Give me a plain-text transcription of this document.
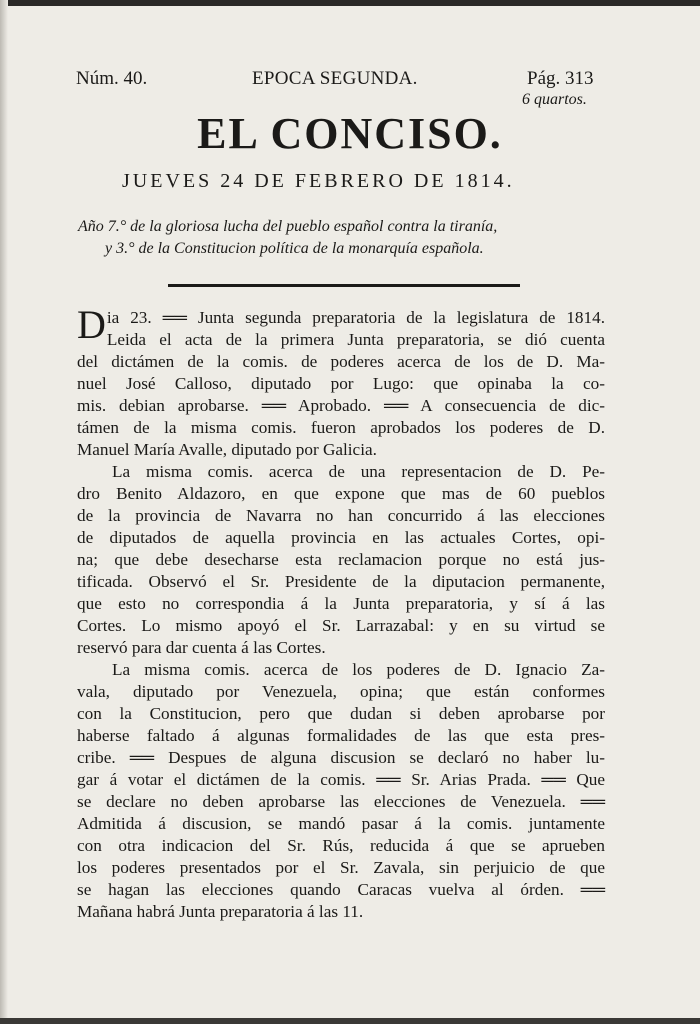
Núm. 40.	EPOCA SEGUNDA.	Pág. 313
6 quartos.
EL CONCISO.
JUEVES 24 DE FEBRERO DE 1814.
Año 7.° de la gloriosa lucha del pueblo español contra la tiranía,
y 3.° de la Constitucion política de la monarquía española.
Dia 23. ══ Junta segunda preparatoria de la legislatura de 1814.
Leida el acta de la primera Junta preparatoria, se dió cuenta
del dictámen de la comis. de poderes acerca de los de D. Ma-
nuel José Calloso, diputado por Lugo: que opinaba la co-
mis. debian aprobarse. ══ Aprobado. ══ A consecuencia de dic-
támen de la misma comis. fueron aprobados los poderes de D.
Manuel María Avalle, diputado por Galicia.
La misma comis. acerca de una representacion de D. Pe-
dro Benito Aldazoro, en que expone que mas de 60 pueblos
de la provincia de Navarra no han concurrido á las elecciones
de diputados de aquella provincia en las actuales Cortes, opi-
na; que debe desecharse esta reclamacion porque no está jus-
tificada. Observó el Sr. Presidente de la diputacion permanente,
que esto no correspondia á la Junta preparatoria, y sí á las
Cortes. Lo mismo apoyó el Sr. Larrazabal: y en su virtud se
reservó para dar cuenta á las Cortes.
La misma comis. acerca de los poderes de D. Ignacio Za-
vala, diputado por Venezuela, opina; que están conformes
con la Constitucion, pero que dudan si deben aprobarse por
haberse faltado á algunas formalidades de las que esta pres-
cribe. ══ Despues de alguna discusion se declaró no haber lu-
gar á votar el dictámen de la comis. ══ Sr. Arias Prada. ══ Que
se declare no deben aprobarse las elecciones de Venezuela. ══
Admitida á discusion, se mandó pasar á la comis. juntamente
con otra indicacion del Sr. Rús, reducida á que se aprueben
los poderes presentados por el Sr. Zavala, sin perjuicio de que
se hagan las elecciones quando Caracas vuelva al órden. ══
Mañana habrá Junta preparatoria á las 11.
